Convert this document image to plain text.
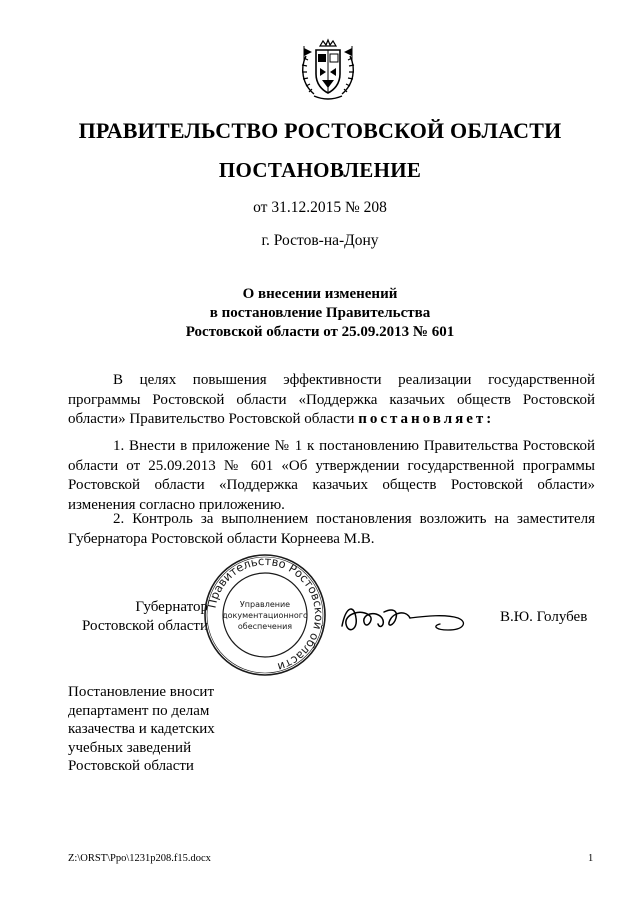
ПРАВИТЕЛЬСТВО РОСТОВСКОЙ ОБЛАСТИ
ПОСТАНОВЛЕНИЕ
от 31.12.2015 № 208
г. Ростов-на-Дону
О внесении изменений
в постановление Правительства
Ростовской области от 25.09.2013 № 601
В целях повышения эффективности реализации государственной программы Ростовской области «Поддержка казачьих обществ Ростовской области» Правительство Ростовской области постановляет:
1. Внести в приложение № 1 к постановлению Правительства Ростовской области от 25.09.2013 № 601 «Об утверждении государственной программы Ростовской области «Поддержка казачьих обществ Ростовской области» изменения согласно приложению.
2. Контроль за выполнением постановления возложить на заместителя Губернатора Ростовской области Корнеева М.В.
Губернатор
Ростовской области
Правительство Ростовской области
Управление
документационного
обеспечения
В.Ю. Голубев
Постановление вносит
департамент по делам
казачества и кадетских
учебных заведений
Ростовской области
Z:\ORST\Ppo\1231p208.f15.docx	1
